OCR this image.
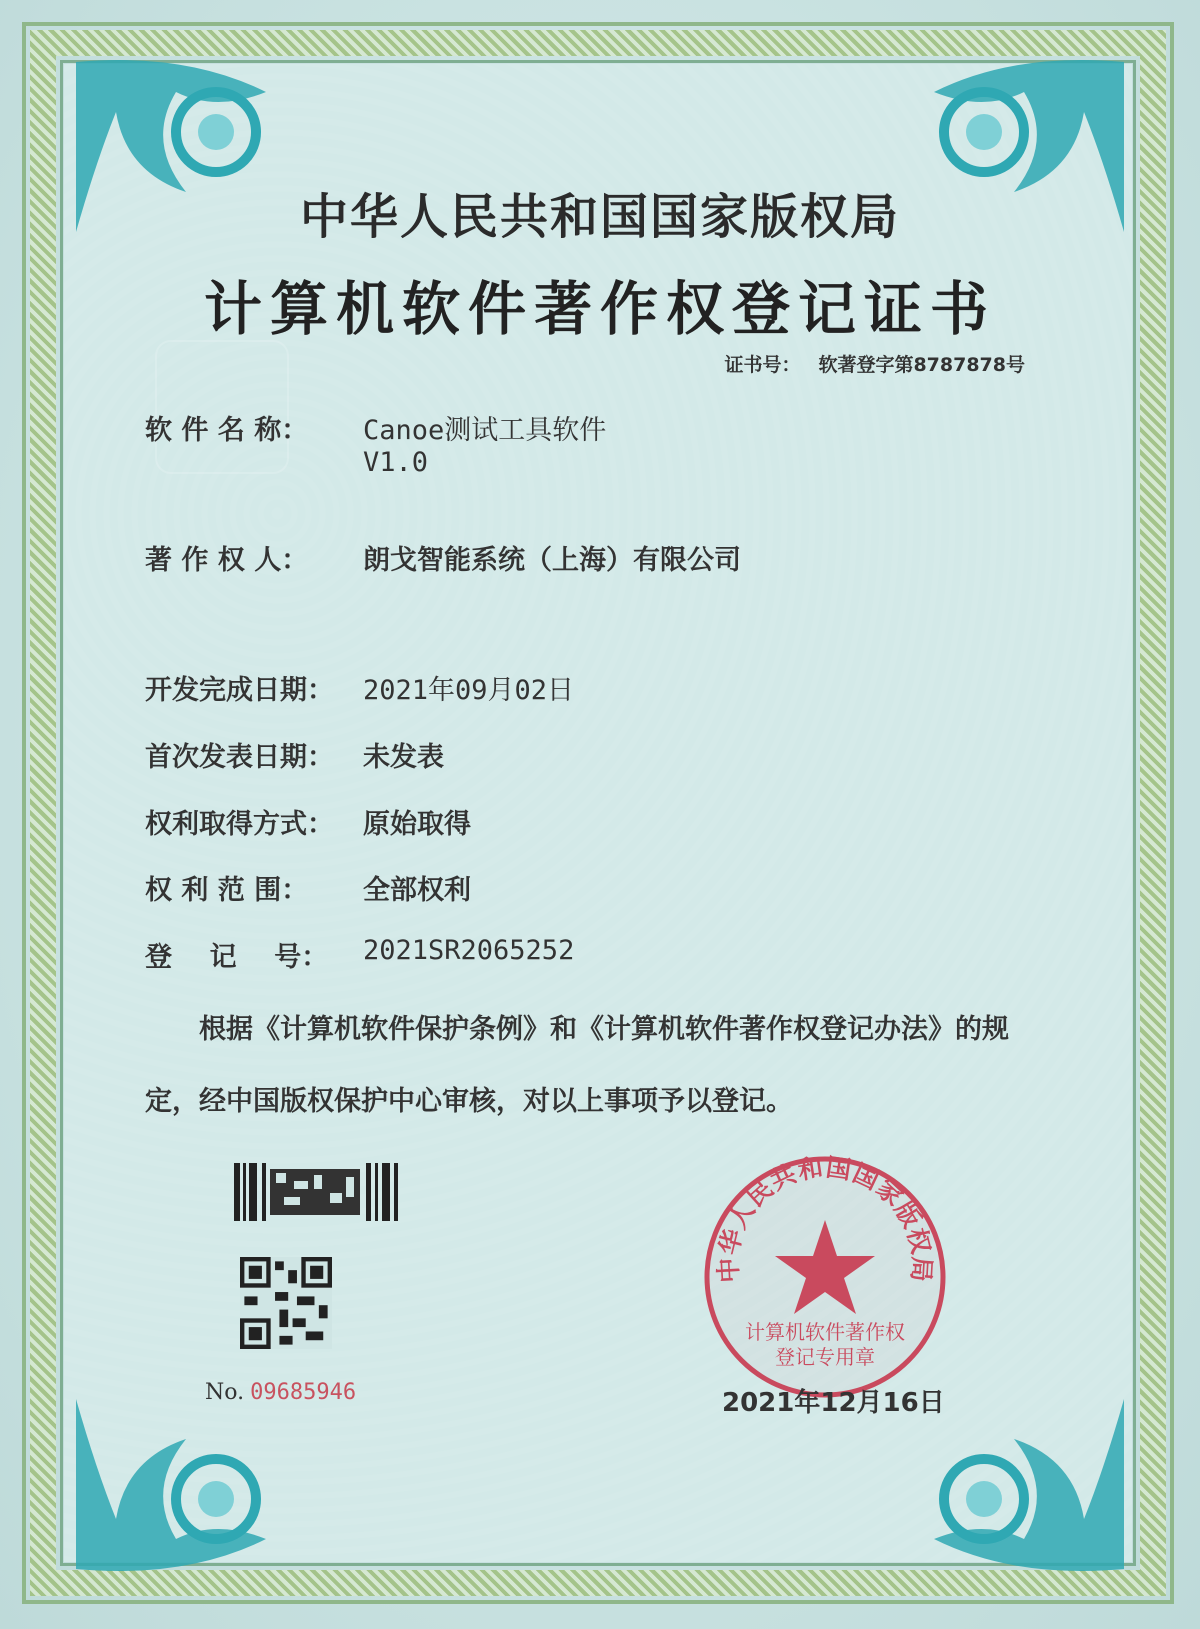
中华人民共和国国家版权局
计算机软件著作权登记证书
证书号： 软著登字第8787878号
软 件 名 称： Canoe测试工具软件
V1.0
著 作 权 人： 朗戈智能系统（上海）有限公司
开发完成日期： 2021年09月02日
首次发表日期： 未发表
权利取得方式： 原始取得
权 利 范 围： 全部权利
登    记    号： 2021SR2065252
根据《计算机软件保护条例》和《计算机软件著作权登记办法》的规定，经中国版权保护中心审核，对以上事项予以登记。
No. 09685946
中华人民共和国国家版权局
计算机软件著作权
登记专用章
2021年12月16日
